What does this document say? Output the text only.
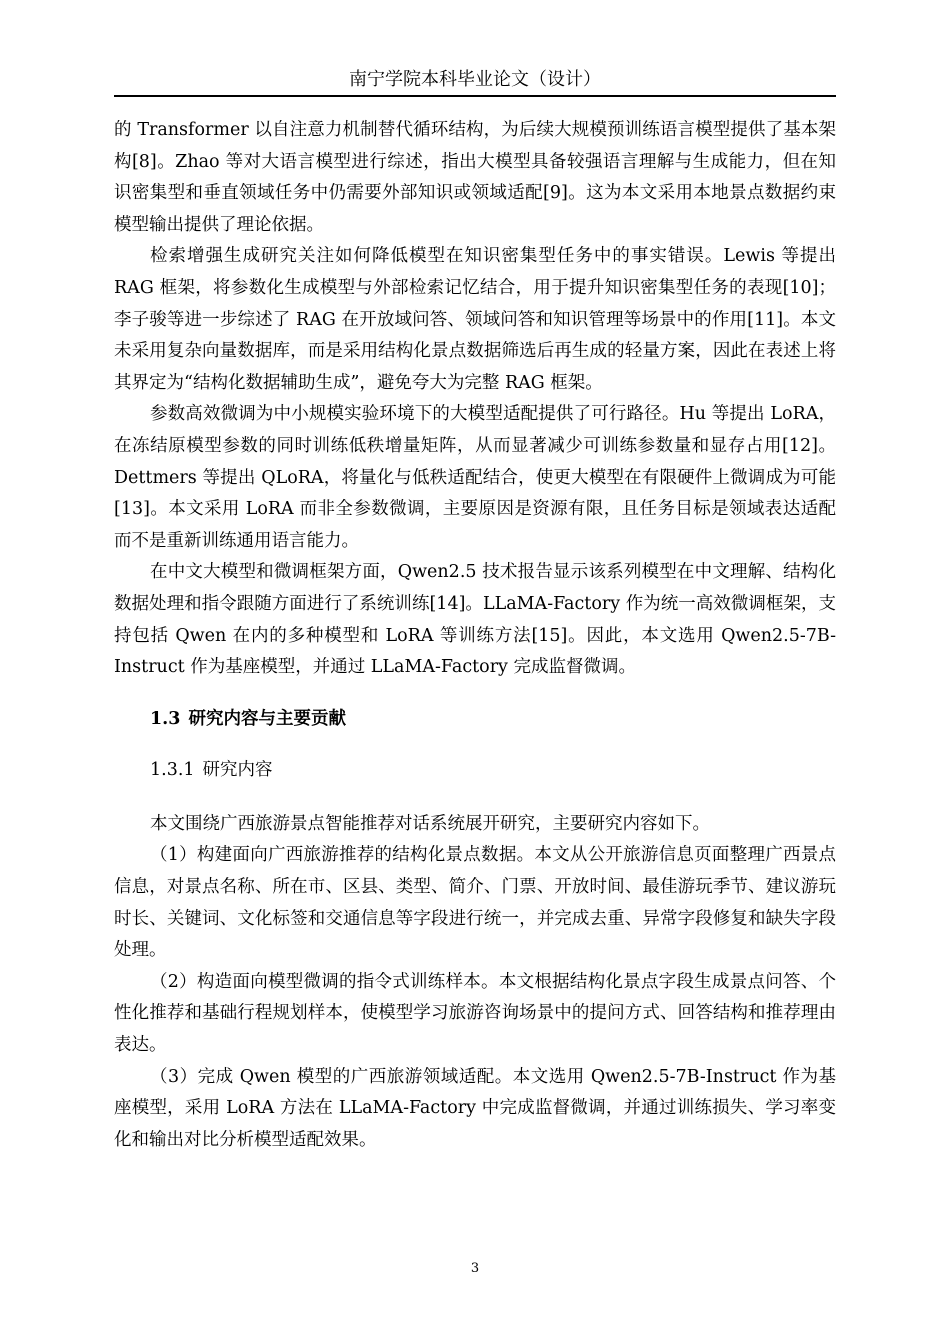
南宁学院本科毕业论文（设计）

的 Transformer 以自注意力机制替代循环结构，为后续大规模预训练语言模型提供了基本架构[8]。Zhao 等对大语言模型进行综述，指出大模型具备较强语言理解与生成能力，但在知识密集型和垂直领域任务中仍需要外部知识或领域适配[9]。这为本文采用本地景点数据约束模型输出提供了理论依据。

检索增强生成研究关注如何降低模型在知识密集型任务中的事实错误。Lewis 等提出 RAG 框架，将参数化生成模型与外部检索记忆结合，用于提升知识密集型任务的表现[10]；李子骏等进一步综述了 RAG 在开放域问答、领域问答和知识管理等场景中的作用[11]。本文未采用复杂向量数据库，而是采用结构化景点数据筛选后再生成的轻量方案，因此在表述上将其界定为“结构化数据辅助生成”，避免夸大为完整 RAG 框架。

参数高效微调为中小规模实验环境下的大模型适配提供了可行路径。Hu 等提出 LoRA，在冻结原模型参数的同时训练低秩增量矩阵，从而显著减少可训练参数量和显存占用[12]。Dettmers 等提出 QLoRA，将量化与低秩适配结合，使更大模型在有限硬件上微调成为可能[13]。本文采用 LoRA 而非全参数微调，主要原因是资源有限，且任务目标是领域表达适配而不是重新训练通用语言能力。

在中文大模型和微调框架方面，Qwen2.5 技术报告显示该系列模型在中文理解、结构化数据处理和指令跟随方面进行了系统训练[14]。LLaMA-Factory 作为统一高效微调框架，支持包括 Qwen 在内的多种模型和 LoRA 等训练方法[15]。因此，本文选用 Qwen2.5-7B-Instruct 作为基座模型，并通过 LLaMA-Factory 完成监督微调。

1.3 研究内容与主要贡献
1.3.1 研究内容

本文围绕广西旅游景点智能推荐对话系统展开研究，主要研究内容如下。

（1）构建面向广西旅游推荐的结构化景点数据。本文从公开旅游信息页面整理广西景点信息，对景点名称、所在市、区县、类型、简介、门票、开放时间、最佳游玩季节、建议游玩时长、关键词、文化标签和交通信息等字段进行统一，并完成去重、异常字段修复和缺失字段处理。

（2）构造面向模型微调的指令式训练样本。本文根据结构化景点字段生成景点问答、个性化推荐和基础行程规划样本，使模型学习旅游咨询场景中的提问方式、回答结构和推荐理由表达。

（3）完成 Qwen 模型的广西旅游领域适配。本文选用 Qwen2.5-7B-Instruct 作为基座模型，采用 LoRA 方法在 LLaMA-Factory 中完成监督微调，并通过训练损失、学习率变化和输出对比分析模型适配效果。

3
